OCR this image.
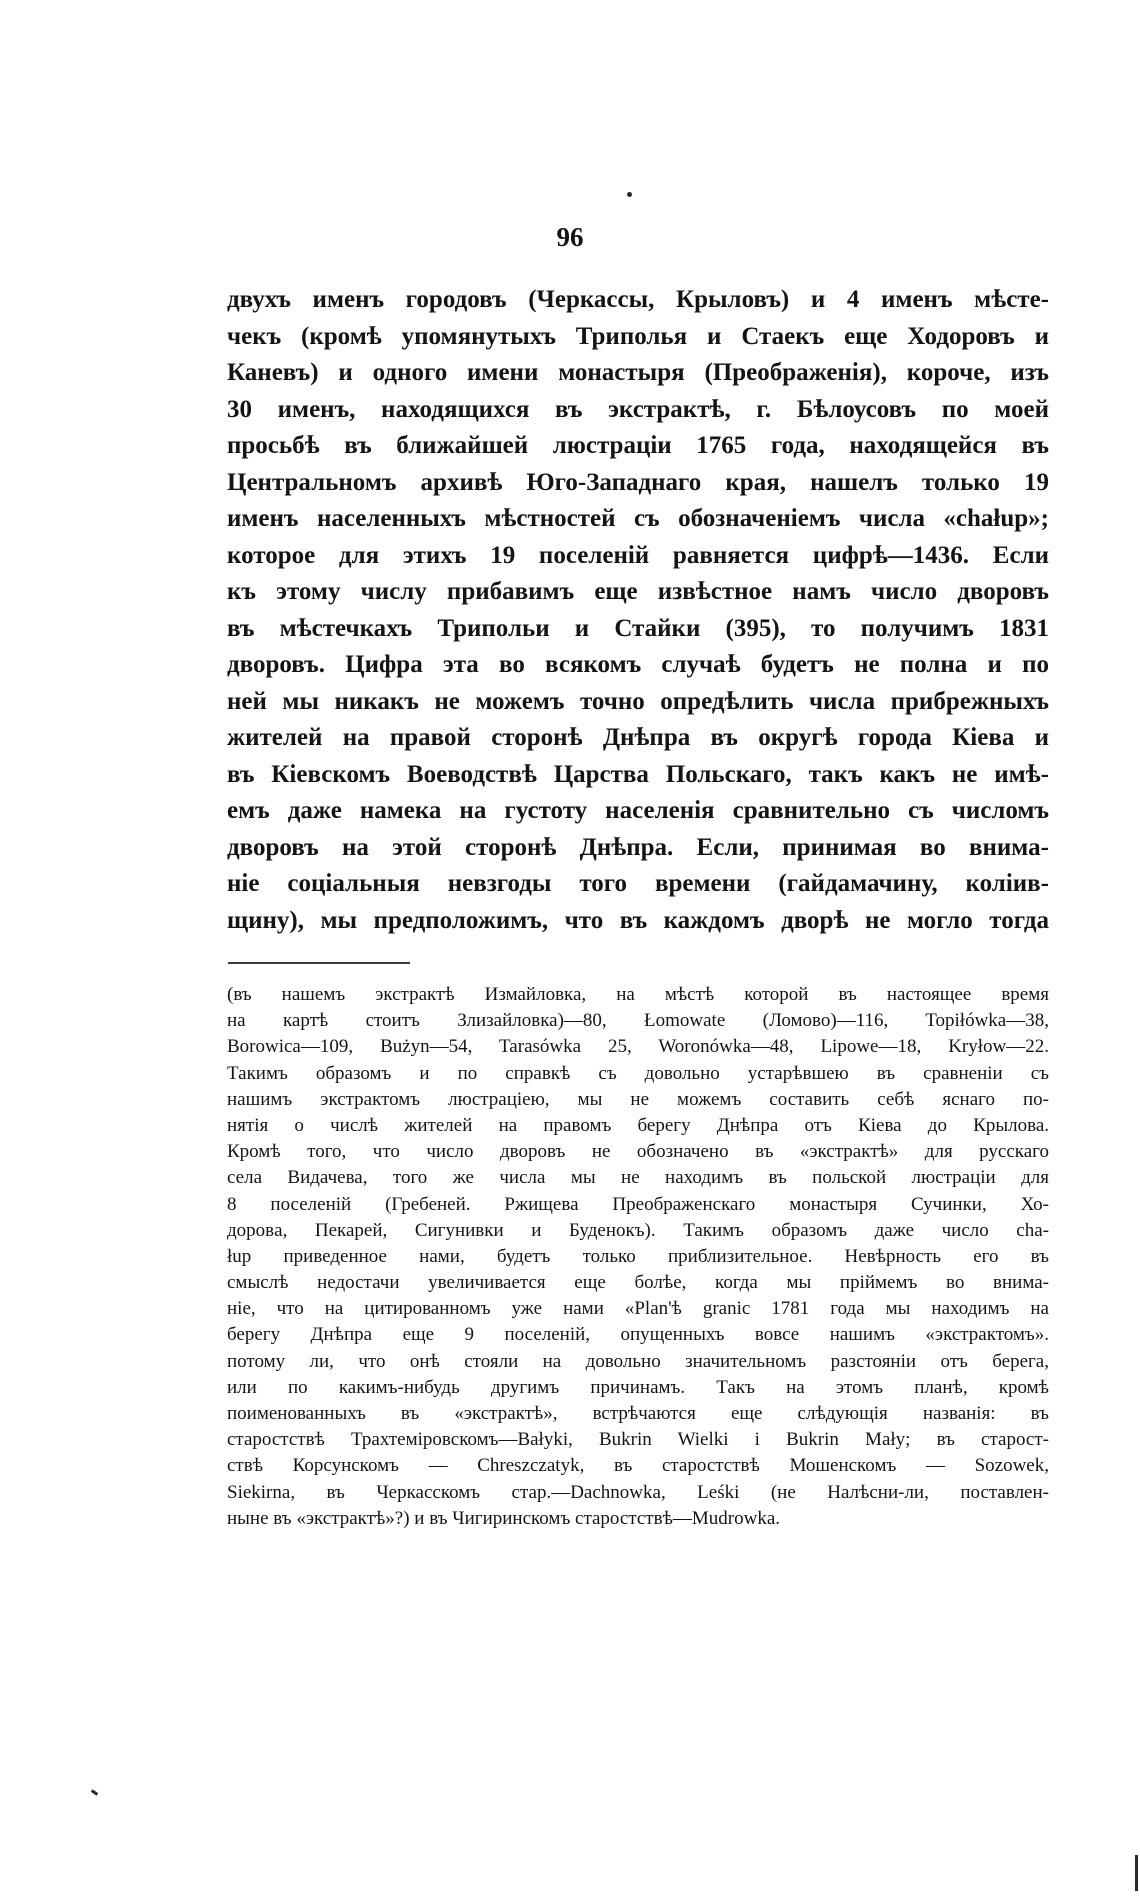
96
двухъ именъ городовъ (Черкассы, Крыловъ) и 4 именъ мѣсте-
чекъ (кромѣ упомянутыхъ Триполья и Стаекъ еще Ходоровъ и
Каневъ) и одного имени монастыря (Преображенія), короче, изъ
30 именъ, находящихся въ экстрактѣ, г. Бѣлоусовъ по моей
просьбѣ въ ближайшей люстраціи 1765 года, находящейся въ
Центральномъ архивѣ Юго-Западнаго края, нашелъ только 19
именъ населенныхъ мѣстностей съ обозначеніемъ числа «chałup»;
которое для этихъ 19 поселеній равняется цифрѣ—1436. Если
къ этому числу прибавимъ еще извѣстное намъ число дворовъ
въ мѣстечкахъ Трипольи и Стайки (395), то получимъ 1831
дворовъ. Цифра эта во всякомъ случаѣ будетъ не полна и по
ней мы никакъ не можемъ точно опредѣлить числа прибрежныхъ
жителей на правой сторонѣ Днѣпра въ округѣ города Кіева и
въ Кіевскомъ Воеводствѣ Царства Польскаго, такъ какъ не имѣ-
емъ даже намека на густоту населенія сравнительно съ числомъ
дворовъ на этой сторонѣ Днѣпра. Если, принимая во внима-
ніе соціальныя невзгоды того времени (гайдамачину, коліив-
щину), мы предположимъ, что въ каждомъ дворѣ не могло тогда
(въ нашемъ экстрактѣ Измайловка, на мѣстѣ которой въ настоящее время
на картѣ стоитъ Злизайловка)—80, Łomowate (Ломово)—116, Topiłówka—38,
Borowica—109, Bużyn—54, Tarasówka 25, Woronówka—48, Lipowe—18, Kryłow—22.
Такимъ образомъ и по справкѣ съ довольно устарѣвшею въ сравненіи съ
нашимъ экстрактомъ люстраціею, мы не можемъ составить себѣ яснаго по-
нятія о числѣ жителей на правомъ берегу Днѣпра отъ Кіева до Крылова.
Кромѣ того, что число дворовъ не обозначено въ «экстрактѣ» для русскаго
села Видачева, того же числа мы не находимъ въ польской люстраціи для
8 поселеній (Гребеней. Ржищева Преображенскаго монастыря Сучинки, Хо-
доровa, Пекарей, Сигунивки и Буденокъ). Такимъ образомъ даже число cha-
łup приведенное нами, будетъ только приблизительное. Невѣрность его въ
смыслѣ недостачи увеличивается еще болѣе, когда мы пріймемъ во внима-
ніе, что на цитированномъ уже нами «Plan'ѣ granic 1781 года мы находимъ на
берегу Днѣпра еще 9 поселеній, опущенныхъ вовсе нашимъ «экстрактомъ».
потому ли, что онѣ стояли на довольно значительномъ разстояніи отъ берега,
или по какимъ-нибудь другимъ причинамъ. Такъ на этомъ планѣ, кромѣ
поименованныхъ въ «экстрактѣ», встрѣчаются еще слѣдующія названія: въ
старостствѣ Трахтеміровскомъ—Bałyki, Bukrin Wielki i Bukrin Mały; въ старост-
ствѣ Корсунскомъ — Chreszczatyk, въ старостствѣ Мошенскомъ — Sozowek,
Siekirna, въ Черкасскомъ стар.—Dachnowka, Leśki (не Налѣсни-ли, поставлен-
ныне въ «экстрактѣ»?) и въ Чигиринскомъ старостствѣ—Mudrowka.
